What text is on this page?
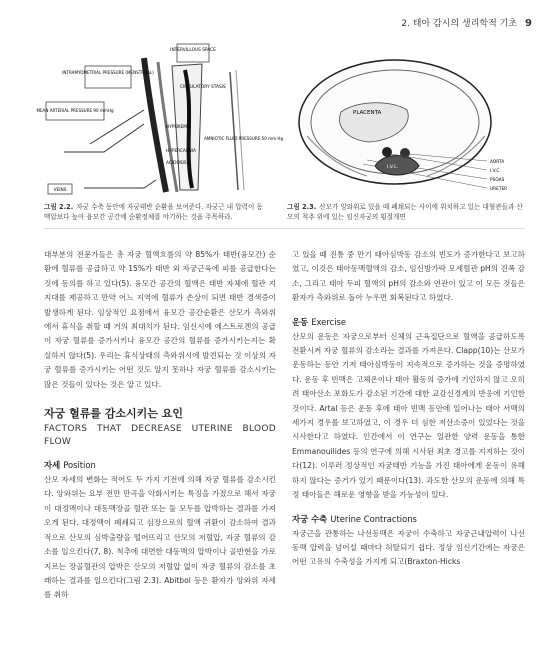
2. 태아 감시의 생리학적 기초 9
INTERVILLOUS SPACE
INTRAMYOMETRIAL PRESSURE (MENSTRUAL)
CIRCULATORY STASIS
MEAN ARTERIAL PRESSURE 90 mmHg
HYPOXEMIA
AMNIOTIC FLUID PRESSURE 50 mm Hg
HYPERCAPNIA
ACIDOSIS
VEINS
PLACENTA
I.V.C.
AORTA
I.V.C.
PSOAS
URETER
그림 2.2. 자궁 수축 동안에 자궁태반 순환을 보여준다. 자궁근 내 압력이 동맥압보다 높아 융모간 공간에 순환정체를 야기하는 것을 주목하라.
그림 2.3. 산모가 앙와위로 있을 때 폐쇄되는 사이에 위치하고 있는 대혈관들과 산모의 척추 위에 있는 임신자궁의 횡절개면

대부분의 전문가들은 총 자궁 혈액흐름의 약 85%가 태반(융모간) 순환에 혈류를 공급하고 약 15%가 태반 외 자궁근육에 피를 공급한다는 것에 동의를 하고 있다(5). 융모간 공간의 혈액은 태반 자체에 혈관 지지대를 제공하고 만약 어느 지역에 혈류가 손상이 되면 태반 경색증이 발생하게 된다. 임상적인 요점에서 융모간 공간순환은 산모가 측와위에서 휴식을 취할 때 거의 최대치가 된다. 임신시에 에스트로겐의 공급이 자궁 혈류를 증가시키나 융모간 공간의 혈류를 증가시키는지는 확실하지 않다(5). 우리는 휴식상태의 측와위시에 발견되는 것 이상의 자궁 혈류를 증가시키는 어떤 것도 알지 못하나 자궁 혈류를 감소시키는 많은 것들이 있다는 것은 알고 있다.

자궁 혈류를 감소시키는 요인
FACTORS THAT DECREASE UTERINE BLOOD FLOW
자세 Position

산모 자세의 변화는 적어도 두 가지 기전에 의해 자궁 혈류를 감소시킨다. 앙와위는 요부 전만 만곡을 악화시키는 특징을 가졌으로 해서 자궁이 대정맥이나 대동맥장골 혈관 또는 둘 모두를 압박하는 결과를 가져오게 된다. 대정맥이 폐쇄되고 심장으로의 혈액 귀환이 감소하여 결과적으로 산모의 심박출량을 떨어뜨리고 산모의 저혈압, 자궁 혈류의 감소를 일으킨다(7, 8). 척추에 대면한 대동맥의 압박이나 골반현을 가로지르는 장골혈관의 압박은 산모의 저혈압 없이 자궁 혈류의 감소를 초래하는 결과를 일으킨다(그림 2.3). Abitbol 등은 환자가 앙와위 자세를 취하

고 있을 때 진통 중 만기 태아심박동 감소의 빈도가 증가한다고 보고하였고, 이것은 태아동맥혈액의 감소, 임신방가락 모세혈관 pH의 진폭 감소, 그리고 태아 두피 혈액의 pH의 감소와 연관이 있고 이 모든 것들은 환자가 측와위로 돌아 누우면 회복된다고 하였다.

운동 Exercise

산모의 운동은 자궁으로부터 신체의 근육집단으로 혈액을 공급하도록 전환시켜 자궁 혈류의 감소라는 결과를 가져온다. Clapp(10)는 산모가 운동하는 동안 기저 태아심박동이 지속적으로 증가하는 것을 증명하였다. 운동 후 빈맥은 고체온이나 태아 활동의 증가에 기인하지 않고 오히려 태아산소 포화도가 감소된 기간에 대한 교감신경계의 반응에 기인한 것이다. Artal 등은 운동 후에 태아 빈맥 동안에 일어나는 태아 서맥의 세가지 경우를 보고하였고, 이 경우 더 심한 저산소증이 있었다는 것을 시사한다고 하였다. 인간에서 이 연구는 일관한 양력 운동을 통한 Emmanouilides 등의 연구에 의해 시사된 최초 경고를 지지하는 것이다(12). 이루러 정상적인 자궁태반 기능을 가진 태아에게 운동이 유해하지 않다는 증거가 있기 때문이다(13). 과도한 산모의 운동에 의해 특정 태아들은 해로운 영향을 받을 가능성이 있다.

자궁 수축 Uterine Contractions

자궁근을 관통하는 나선동맥은 자궁이 수축하고 자궁근내압력이 나선동맥 압력을 넘어설 때마다 허탈되기 쉽다. 정상 임신기간에는 자궁은 어떤 고유의 수축성을 가지게 되고(Braxton-Hicks
